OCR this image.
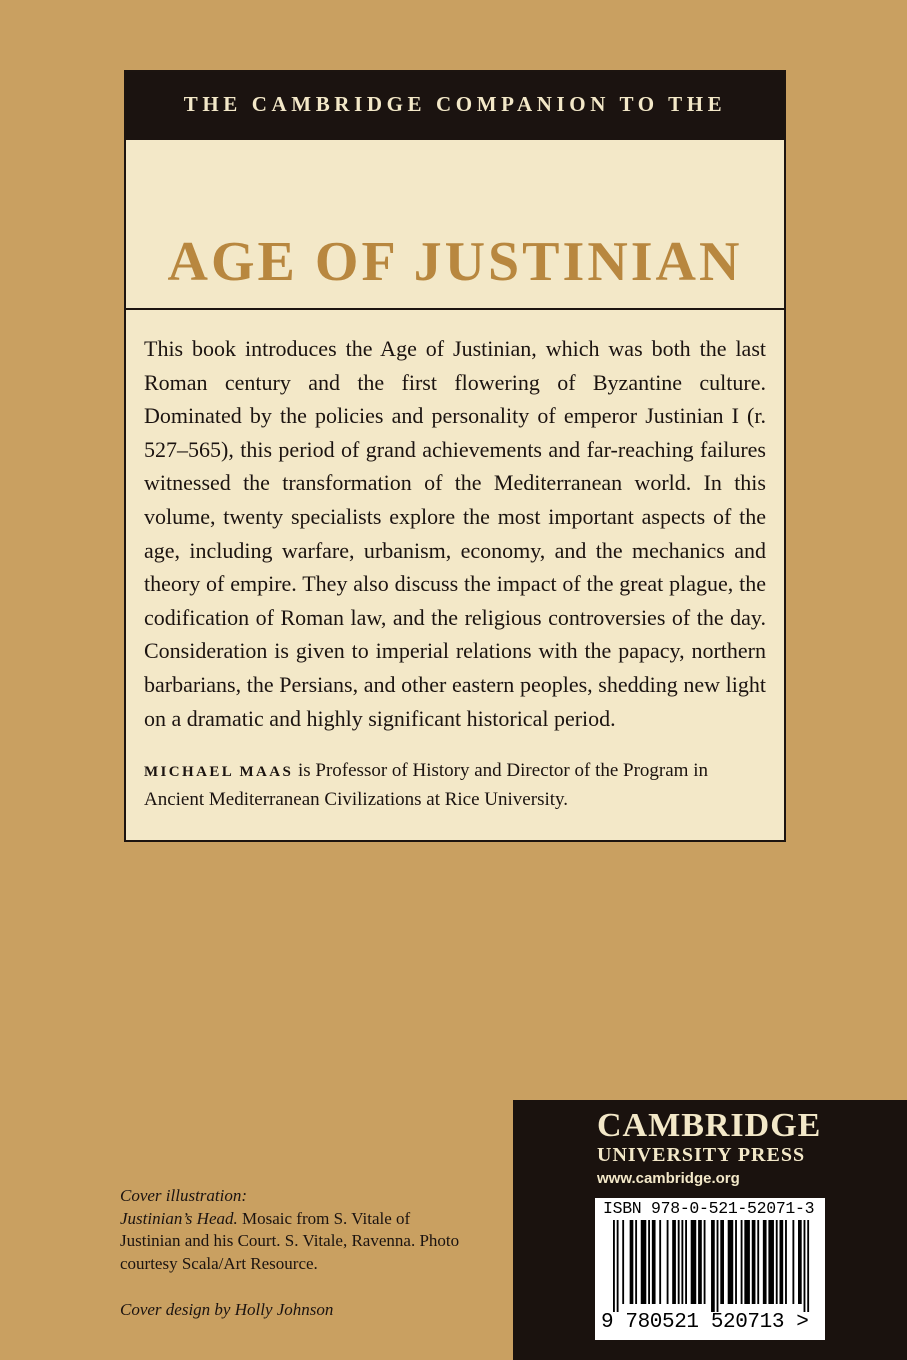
THE CAMBRIDGE COMPANION TO THE
AGE OF JUSTINIAN
This book introduces the Age of Justinian, which was both the last Roman century and the first flowering of Byzantine culture. Dominated by the policies and personality of emperor Justinian I (r. 527–565), this period of grand achievements and far-reaching failures witnessed the transformation of the Mediterranean world. In this volume, twenty specialists explore the most important aspects of the age, including warfare, urbanism, economy, and the mechanics and theory of empire. They also discuss the impact of the great plague, the codification of Roman law, and the religious controversies of the day. Consideration is given to imperial relations with the papacy, northern barbarians, the Persians, and other eastern peoples, shedding new light on a dramatic and highly significant historical period.
MICHAEL MAAS is Professor of History and Director of the Program in Ancient Mediterranean Civilizations at Rice University.
Cover illustration:
Justinian’s Head. Mosaic from S. Vitale of Justinian and his Court. S. Vitale, Ravenna. Photo courtesy Scala/Art Resource.
Cover design by Holly Johnson
CAMBRIDGE
UNIVERSITY PRESS
www.cambridge.org
ISBN 978-0-521-52071-3
9 780521 520713 >
